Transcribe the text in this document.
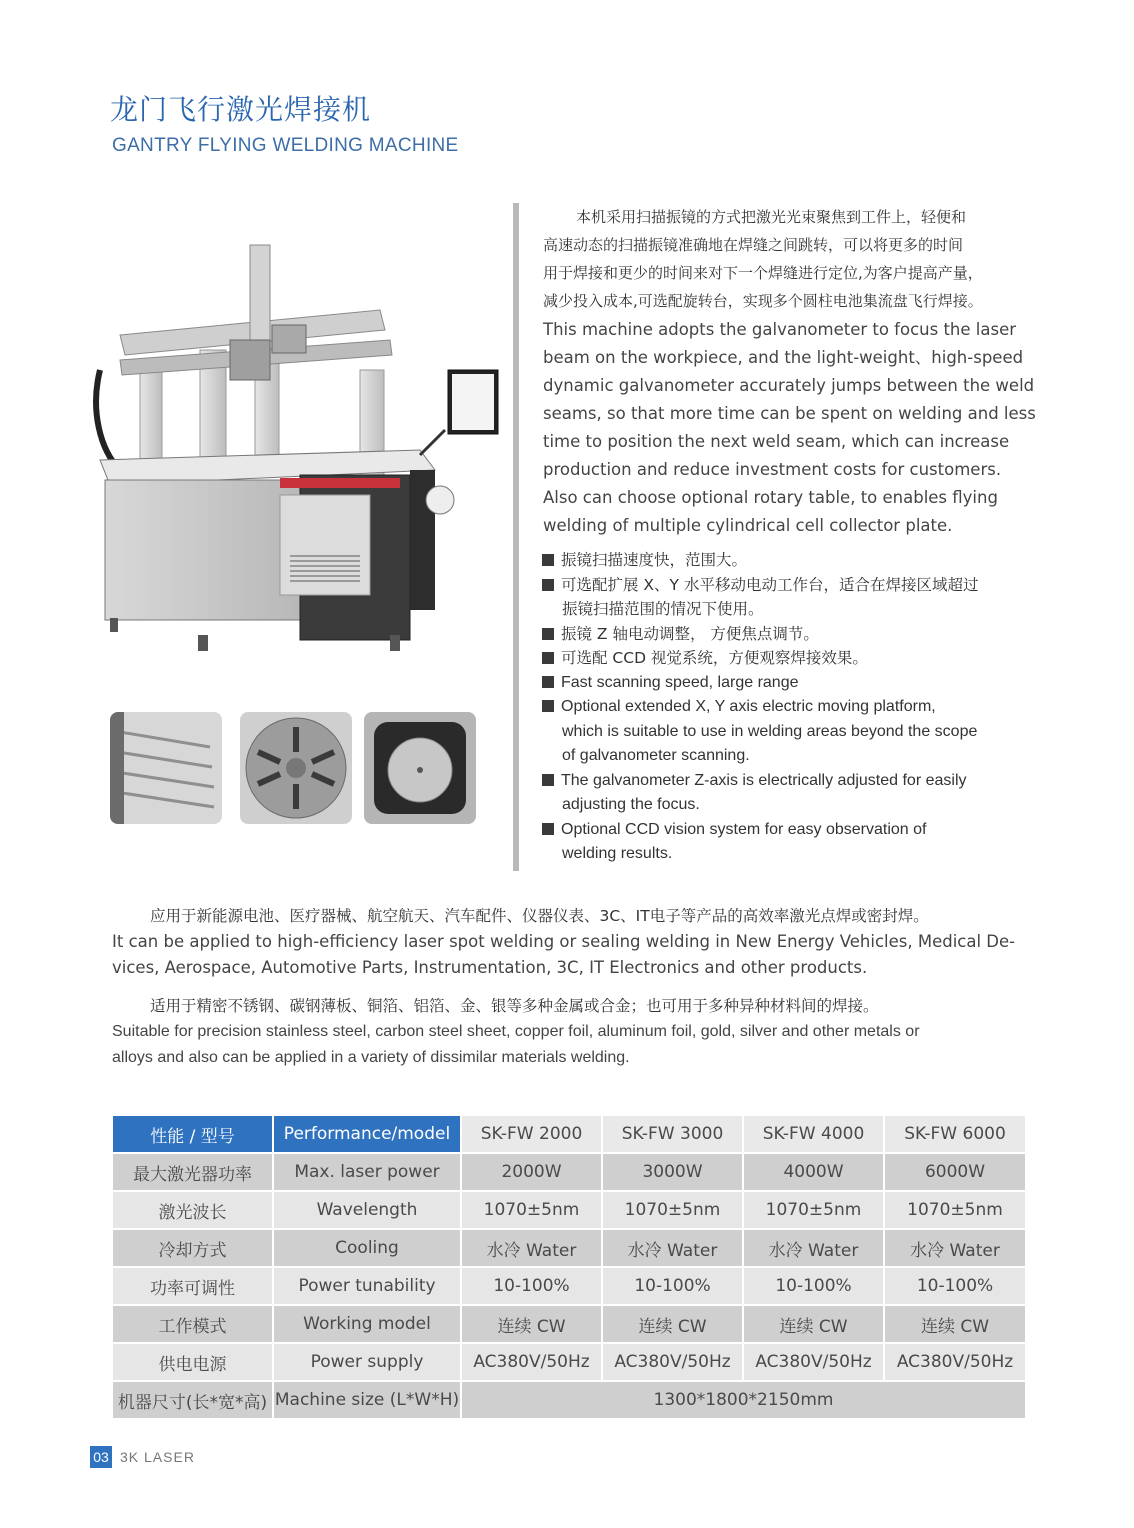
龙门飞行激光焊接机
GANTRY FLYING WELDING MACHINE
本机采用扫描振镜的方式把激光光束聚焦到工件上，轻便和
高速动态的扫描振镜准确地在焊缝之间跳转，可以将更多的时间
用于焊接和更少的时间来对下一个焊缝进行定位,为客户提高产量，
减少投入成本,可选配旋转台，实现多个圆柱电池集流盘飞行焊接。
This machine adopts the galvanometer to focus the laser
beam on the workpiece, and the light-weight、high-speed
dynamic galvanometer accurately jumps between the weld
seams, so that more time can be spent on welding and less
time to position the next weld seam, which can increase
production and reduce investment costs for customers.
Also can choose optional rotary table, to enables flying
welding of multiple cylindrical cell collector plate.
振镜扫描速度快，范围大。
可选配扩展 X、Y 水平移动电动工作台，适合在焊接区域超过
振镜扫描范围的情况下使用。
振镜 Z 轴电动调整， 方便焦点调节。
可选配 CCD 视觉系统，方便观察焊接效果。
Fast scanning speed, large range
Optional extended X, Y axis electric moving platform,
which is suitable to use in welding areas beyond the scope
of galvanometer scanning.
The galvanometer Z-axis is electrically adjusted for easily
adjusting the focus.
Optional CCD vision system for easy observation of
welding results.
应用于新能源电池、医疗器械、航空航天、汽车配件、仪器仪表、3C、IT电子等产品的高效率激光点焊或密封焊。
It can be applied to high-efficiency laser spot welding or sealing welding in New Energy Vehicles, Medical De-
vices, Aerospace, Automotive Parts, Instrumentation, 3C, IT Electronics and other products.
适用于精密不锈钢、碳钢薄板、铜箔、铝箔、金、银等多种金属或合金；也可用于多种异种材料间的焊接。
Suitable for precision stainless steel, carbon steel sheet, copper foil, aluminum foil, gold, silver and other metals or
alloys and also can be applied in a variety of dissimilar materials welding.
性能 / 型号	Performance/model	SK-FW 2000	SK-FW 3000	SK-FW 4000	SK-FW 6000
最大激光器功率	Max. laser power	2000W	3000W	4000W	6000W
激光波长	Wavelength	1070±5nm	1070±5nm	1070±5nm	1070±5nm
冷却方式	Cooling	水冷 Water	水冷 Water	水冷 Water	水冷 Water
功率可调性	Power tunability	10-100%	10-100%	10-100%	10-100%
工作模式	Working model	连续 CW	连续 CW	连续 CW	连续 CW
供电电源	Power supply	AC380V/50Hz	AC380V/50Hz	AC380V/50Hz	AC380V/50Hz
机器尺寸(长*宽*高)	Machine size (L*W*H)	1300*1800*2150mm			
03 3K LASER
